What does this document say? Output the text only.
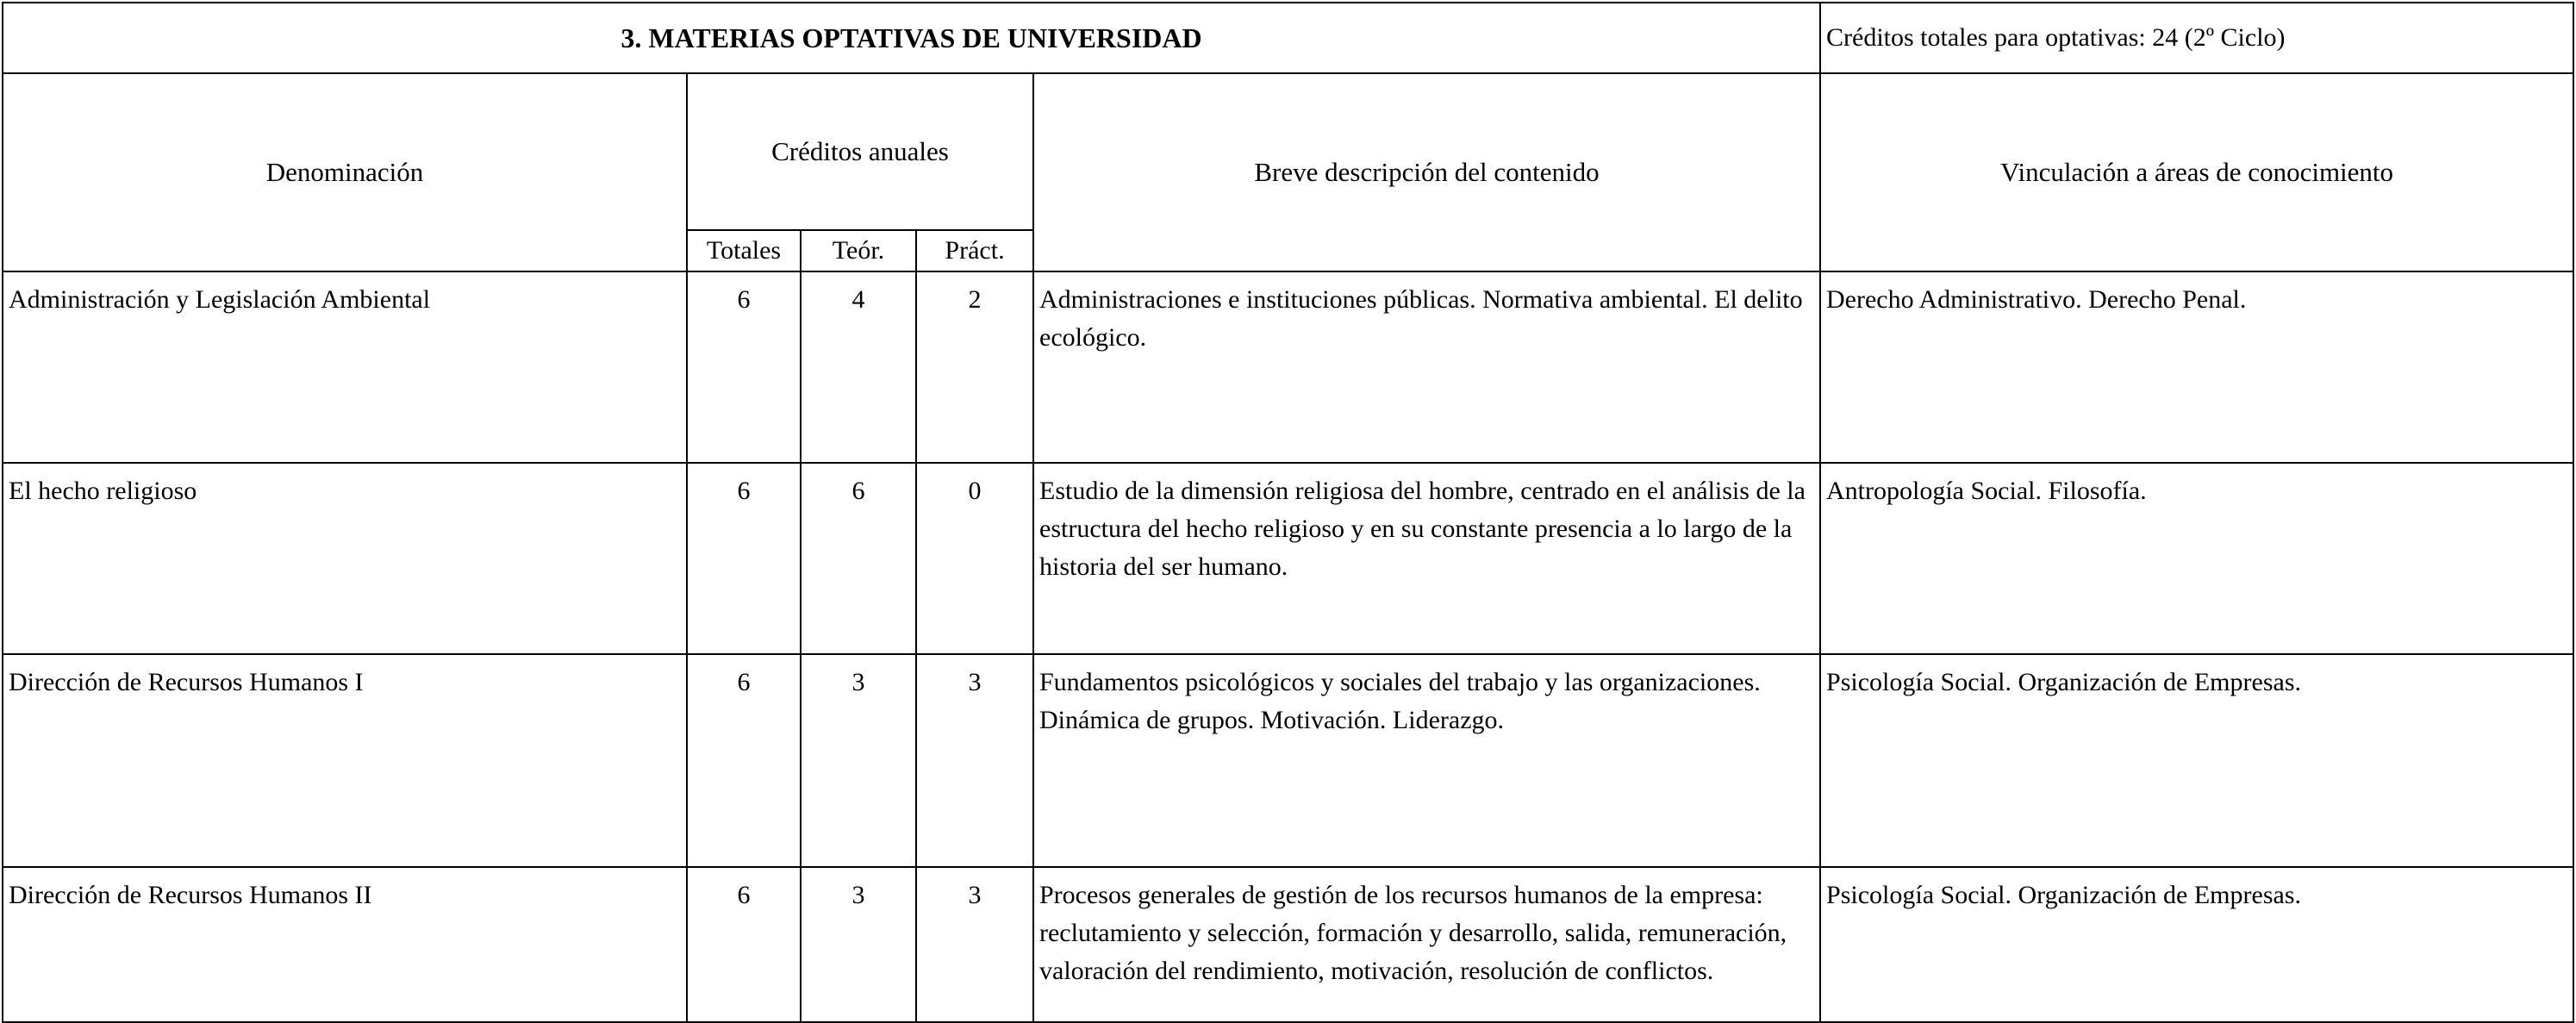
3. MATERIAS OPTATIVAS DE UNIVERSIDAD					Créditos totales para optativas: 24 (2º Ciclo)
Denominación	Créditos anuales			Breve descripción del contenido	Vinculación a áreas de conocimiento
	Totales	Teór.	Práct.		
Administración y Legislación Ambiental	6	4	2	Administraciones e instituciones públicas. Normativa ambiental. El delito ecológico.	Derecho Administrativo. Derecho Penal.
El hecho religioso	6	6	0	Estudio de la dimensión religiosa del hombre, centrado en el análisis de la estructura del hecho religioso y en su constante presencia a lo largo de la historia del ser humano.	Antropología Social. Filosofía.
Dirección de Recursos Humanos I	6	3	3	Fundamentos psicológicos y sociales del trabajo y las organizaciones. Dinámica de grupos. Motivación. Liderazgo.	Psicología Social. Organización de Empresas.
Dirección de Recursos Humanos II	6	3	3	Procesos generales de gestión de los recursos humanos de la empresa: reclutamiento y selección, formación y desarrollo, salida, remuneración, valoración del rendimiento, motivación, resolución de conflictos.	Psicología Social. Organización de Empresas.
